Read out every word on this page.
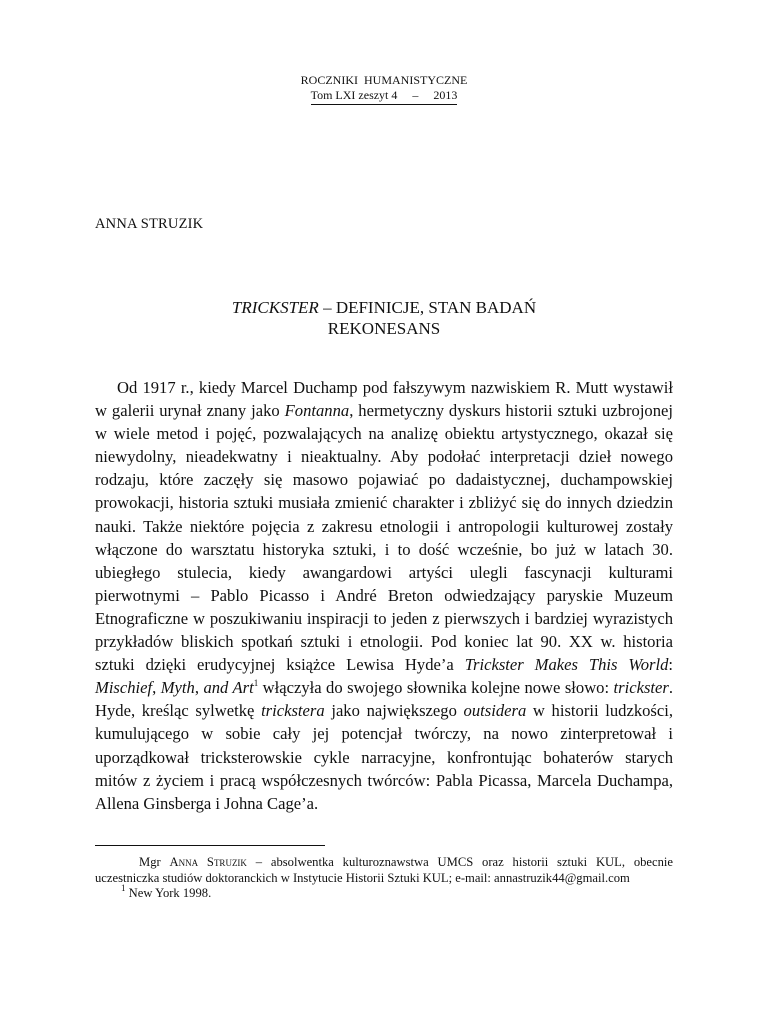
ROCZNIKI  HUMANISTYCZNE
Tom LXI zeszyt 4     –     2013
ANNA STRUZIK
TRICKSTER – DEFINICJE, STAN BADAŃ
REKONESANS

Od 1917 r., kiedy Marcel Duchamp pod fałszywym nazwiskiem R. Mutt wystawił w galerii urynał znany jako Fontanna, hermetyczny dyskurs historii sztuki uzbrojonej w wiele metod i pojęć, pozwalających na analizę obiektu artystycznego, okazał się niewydolny, nieadekwatny i nieaktualny. Aby podołać interpretacji dzieł nowego rodzaju, które zaczęły się masowo pojawiać po dadaistycznej, duchampowskiej prowokacji, historia sztuki musiała zmienić charakter i zbliżyć się do innych dziedzin nauki. Także niektóre pojęcia z zakresu etnologii i antropologii kulturowej zostały włączone do warsztatu historyka sztuki, i to dość wcześnie, bo już w latach 30. ubiegłego stulecia, kiedy awangardowi artyści ulegli fascynacji kulturami pierwotnymi – Pablo Picasso i André Breton odwiedzający paryskie Muzeum Etnograficzne w poszukiwaniu inspiracji to jeden z pierwszych i bardziej wyrazistych przykładów bliskich spotkań sztuki i etnologii. Pod koniec lat 90. XX w. historia sztuki dzięki erudycyjnej książce Lewisa Hyde’a Trickster Makes This World: Mischief, Myth, and Art$^1$ włączyła do swojego słownika kolejne nowe słowo: trickster. Hyde, kreśląc sylwetkę trickstera jako największego outsidera w historii ludzkości, kumulującego w sobie cały jej potencjał twórczy, na nowo zinterpretował i uporządkował tricksterowskie cykle narracyjne, konfrontując bohaterów starych mitów z życiem i pracą współczesnych twórców: Pabla Picassa, Marcela Duchampa, Allena Ginsberga i Johna Cage’a.

Mgr Anna Struzik – absolwentka kulturoznawstwa UMCS oraz historii sztuki KUL, obecnie uczestniczka studiów doktoranckich w Instytucie Historii Sztuki KUL; e-mail: annastruzik44@gmail.com

$^1$ New York 1998.
